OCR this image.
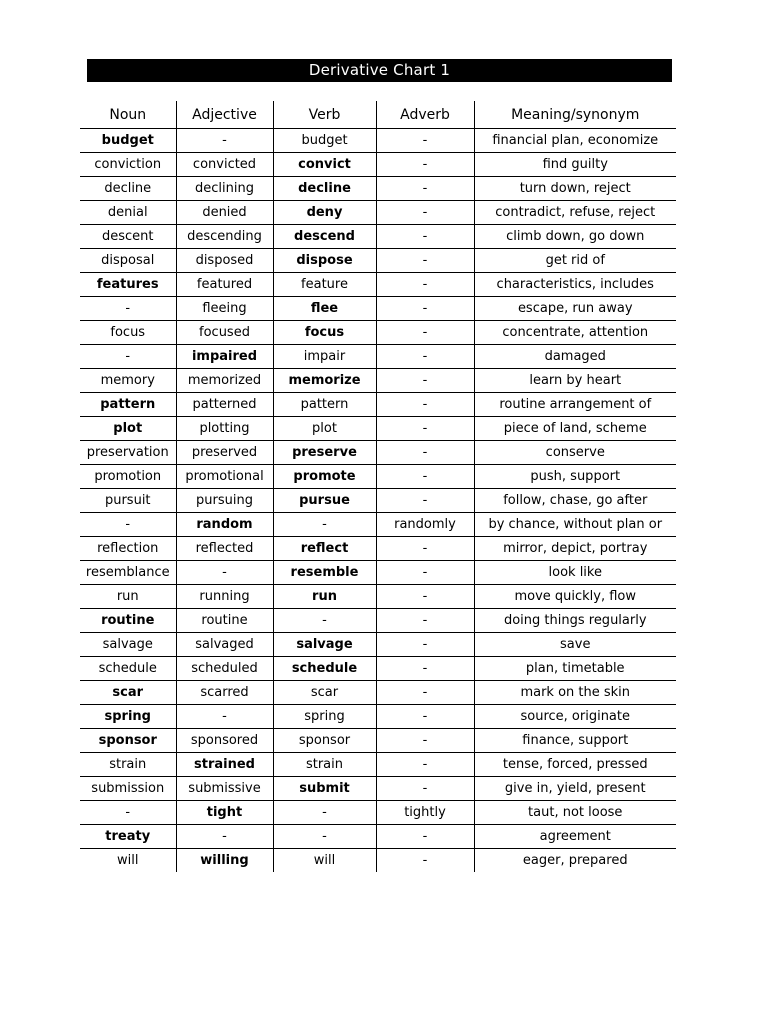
Derivative Chart 1
Noun	Adjective	Verb	Adverb	Meaning/synonym
budget	-	budget	-	financial plan, economize
conviction	convicted	convict	-	find guilty
decline	declining	decline	-	turn down, reject
denial	denied	deny	-	contradict, refuse, reject
descent	descending	descend	-	climb down, go down
disposal	disposed	dispose	-	get rid of
features	featured	feature	-	characteristics, includes
-	fleeing	flee	-	escape, run away
focus	focused	focus	-	concentrate, attention
-	impaired	impair	-	damaged
memory	memorized	memorize	-	learn by heart
pattern	patterned	pattern	-	routine arrangement of
plot	plotting	plot	-	piece of land, scheme
preservation	preserved	preserve	-	conserve
promotion	promotional	promote	-	push, support
pursuit	pursuing	pursue	-	follow, chase, go after
-	random	-	randomly	by chance, without plan or
reflection	reflected	reflect	-	mirror, depict, portray
resemblance	-	resemble	-	look like
run	running	run	-	move quickly, flow
routine	routine	-	-	doing things regularly
salvage	salvaged	salvage	-	save
schedule	scheduled	schedule	-	plan, timetable
scar	scarred	scar	-	mark on the skin
spring	-	spring	-	source, originate
sponsor	sponsored	sponsor	-	finance, support
strain	strained	strain	-	tense, forced, pressed
submission	submissive	submit	-	give in, yield, present
-	tight	-	tightly	taut, not loose
treaty	-	-	-	agreement
will	willing	will	-	eager, prepared
